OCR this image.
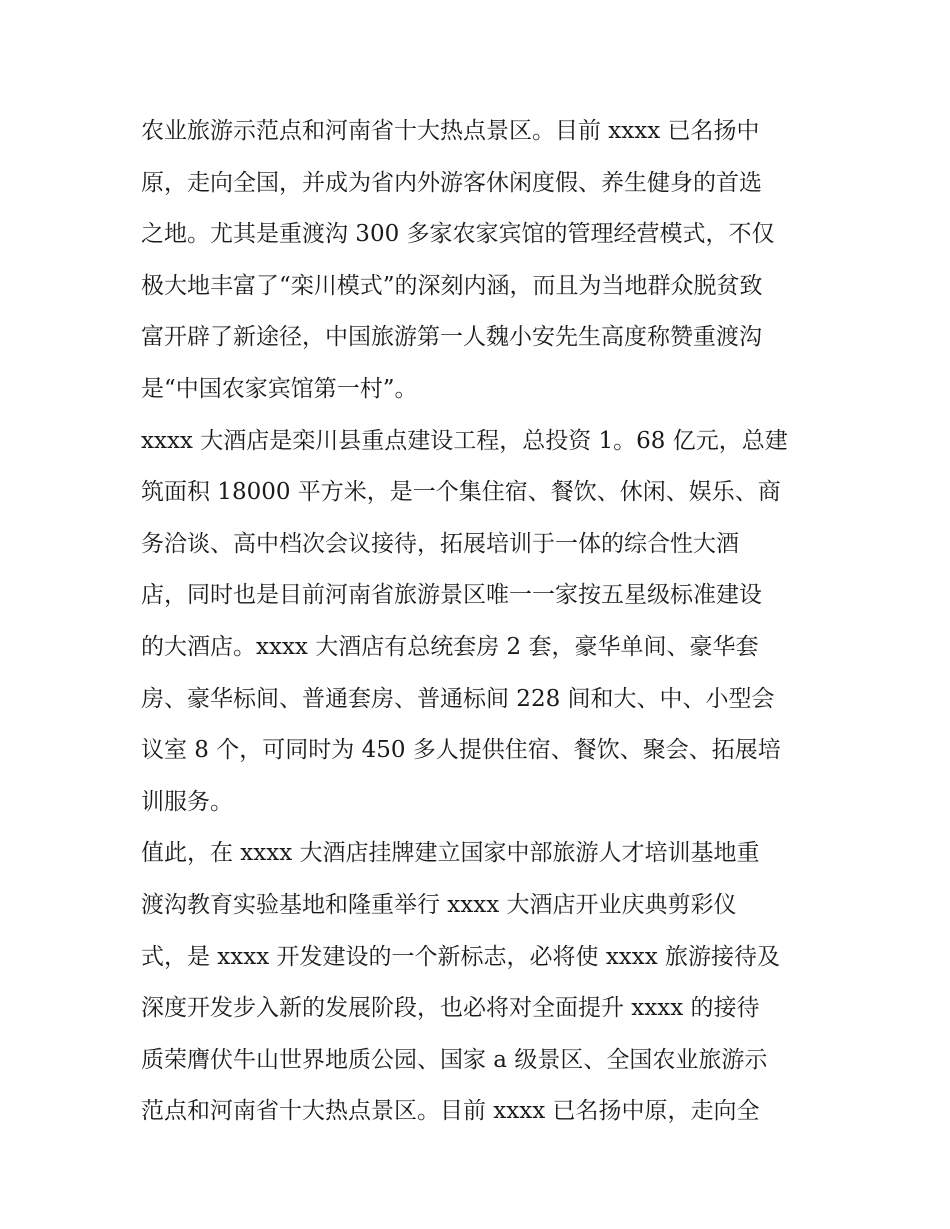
农业旅游示范点和河南省十大热点景区。目前 xxxx 已名扬中
原，走向全国，并成为省内外游客休闲度假、养生健身的首选
之地。尤其是重渡沟 300 多家农家宾馆的管理经营模式，不仅
极大地丰富了“栾川模式”的深刻内涵，而且为当地群众脱贫致
富开辟了新途径，中国旅游第一人魏小安先生高度称赞重渡沟
是“中国农家宾馆第一村”。
xxxx 大酒店是栾川县重点建设工程，总投资 1。68 亿元，总建
筑面积 18000 平方米，是一个集住宿、餐饮、休闲、娱乐、商
务洽谈、高中档次会议接待，拓展培训于一体的综合性大酒
店，同时也是目前河南省旅游景区唯一一家按五星级标准建设
的大酒店。xxxx 大酒店有总统套房 2 套，豪华单间、豪华套
房、豪华标间、普通套房、普通标间 228 间和大、中、小型会
议室 8 个，可同时为 450 多人提供住宿、餐饮、聚会、拓展培
训服务。
值此，在 xxxx 大酒店挂牌建立国家中部旅游人才培训基地重
渡沟教育实验基地和隆重举行 xxxx 大酒店开业庆典剪彩仪
式，是 xxxx 开发建设的一个新标志，必将使 xxxx 旅游接待及
深度开发步入新的发展阶段，也必将对全面提升 xxxx 的接待
质荣膺伏牛山世界地质公园、国家 a 级景区、全国农业旅游示
范点和河南省十大热点景区。目前 xxxx 已名扬中原，走向全
